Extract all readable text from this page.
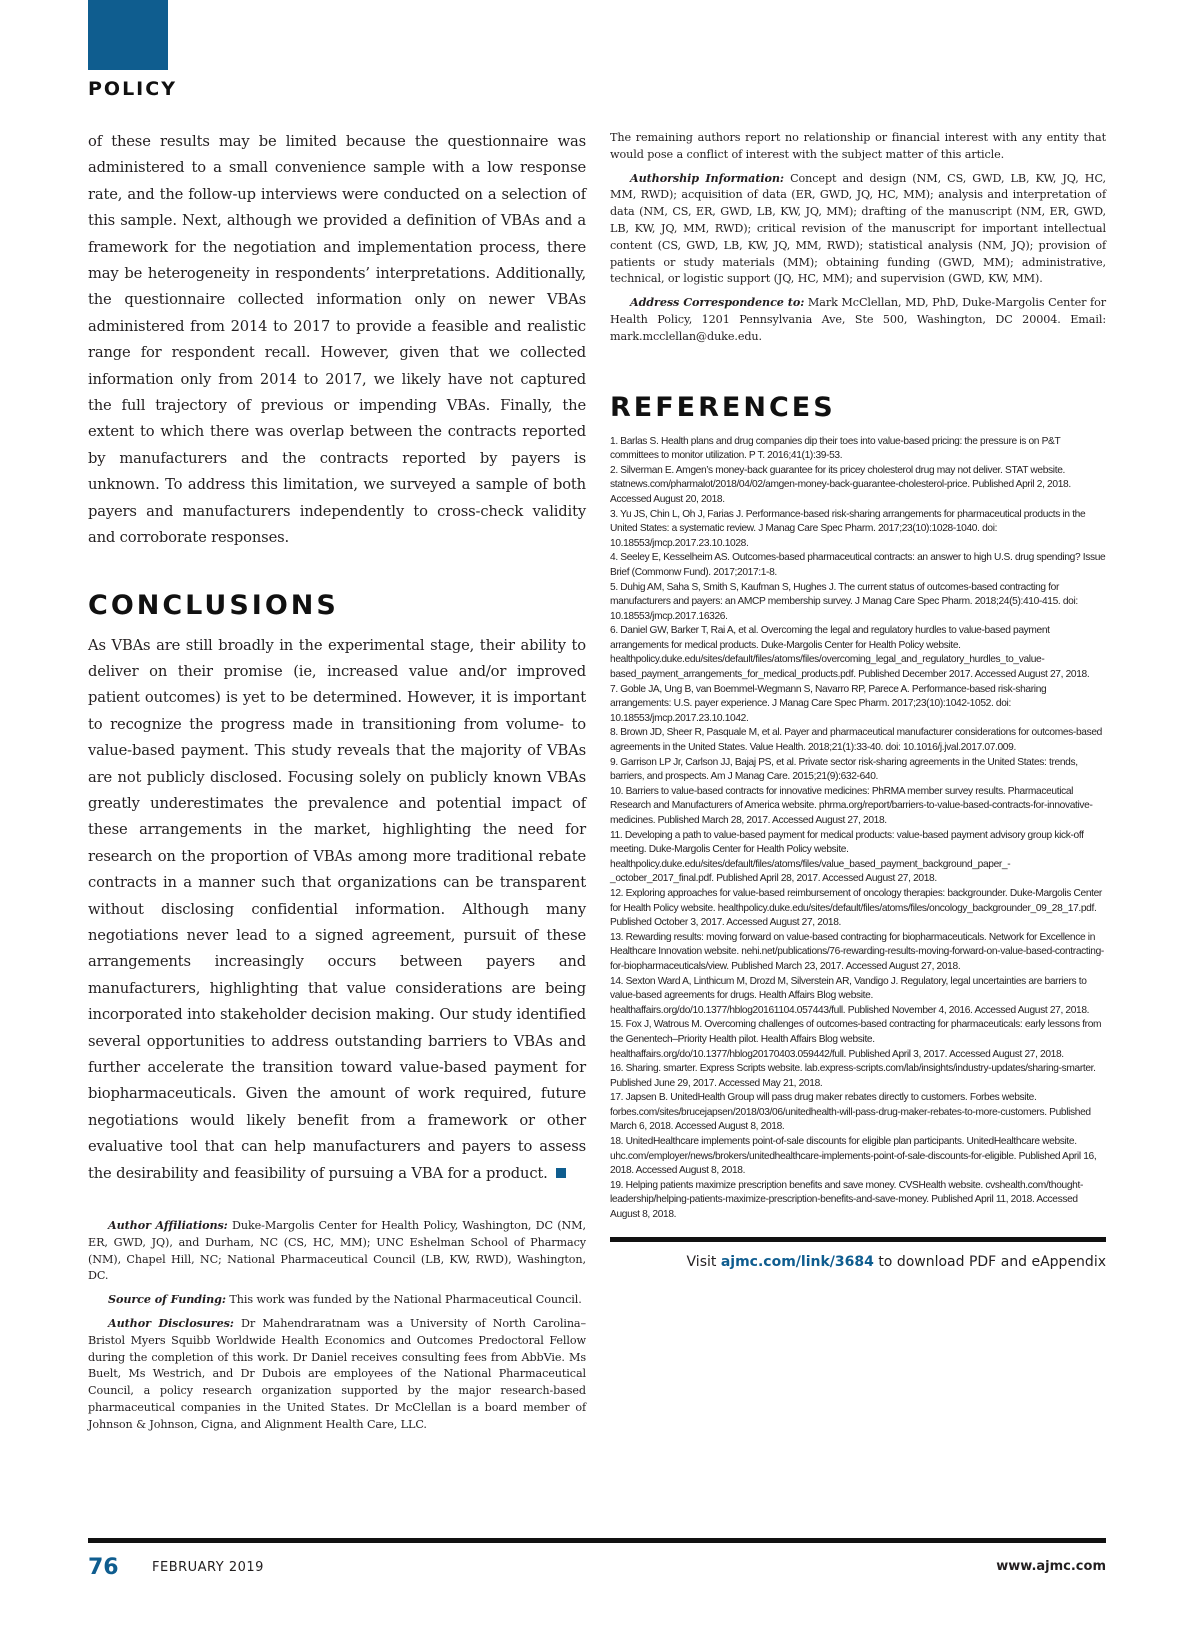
POLICY

of these results may be limited because the questionnaire was administered to a small convenience sample with a low response rate, and the follow-up interviews were conducted on a selection of this sample. Next, although we provided a definition of VBAs and a framework for the negotiation and implementation process, there may be heterogeneity in respondents’ interpretations. Additionally, the questionnaire collected information only on newer VBAs administered from 2014 to 2017 to provide a feasible and realistic range for respondent recall. However, given that we collected information only from 2014 to 2017, we likely have not captured the full trajectory of previous or impending VBAs. Finally, the extent to which there was overlap between the contracts reported by manufacturers and the contracts reported by payers is unknown. To address this limitation, we surveyed a sample of both payers and manufacturers independently to cross-check validity and corroborate responses.

CONCLUSIONS

As VBAs are still broadly in the experimental stage, their ability to deliver on their promise (ie, increased value and/or improved patient outcomes) is yet to be determined. However, it is important to recognize the progress made in transitioning from volume- to value-based payment. This study reveals that the majority of VBAs are not publicly disclosed. Focusing solely on publicly known VBAs greatly underestimates the prevalence and potential impact of these arrangements in the market, highlighting the need for research on the proportion of VBAs among more traditional rebate contracts in a manner such that organizations can be transparent without disclosing confidential information. Although many negotiations never lead to a signed agreement, pursuit of these arrangements increasingly occurs between payers and manufacturers, highlighting that value considerations are being incorporated into stakeholder decision making. Our study identified several opportunities to address outstanding barriers to VBAs and further accelerate the transition toward value-based payment for biopharmaceuticals. Given the amount of work required, future negotiations would likely benefit from a framework or other evaluative tool that can help manufacturers and payers to assess the desirability and feasibility of pursuing a VBA for a product.

Author Affiliations: Duke-Margolis Center for Health Policy, Washington, DC (NM, ER, GWD, JQ), and Durham, NC (CS, HC, MM); UNC Eshelman School of Pharmacy (NM), Chapel Hill, NC; National Pharmaceutical Council (LB, KW, RWD), Washington, DC.

Source of Funding: This work was funded by the National Pharmaceutical Council.

Author Disclosures: Dr Mahendraratnam was a University of North Carolina–Bristol Myers Squibb Worldwide Health Economics and Outcomes Predoctoral Fellow during the completion of this work. Dr Daniel receives consulting fees from AbbVie. Ms Buelt, Ms Westrich, and Dr Dubois are employees of the National Pharmaceutical Council, a policy research organization supported by the major research-based pharmaceutical companies in the United States. Dr McClellan is a board member of Johnson & Johnson, Cigna, and Alignment Health Care, LLC.

The remaining authors report no relationship or financial interest with any entity that would pose a conflict of interest with the subject matter of this article.

Authorship Information: Concept and design (NM, CS, GWD, LB, KW, JQ, HC, MM, RWD); acquisition of data (ER, GWD, JQ, HC, MM); analysis and interpretation of data (NM, CS, ER, GWD, LB, KW, JQ, MM); drafting of the manuscript (NM, ER, GWD, LB, KW, JQ, MM, RWD); critical revision of the manuscript for important intellectual content (CS, GWD, LB, KW, JQ, MM, RWD); statistical analysis (NM, JQ); provision of patients or study materials (MM); obtaining funding (GWD, MM); administrative, technical, or logistic support (JQ, HC, MM); and supervision (GWD, KW, MM).

Address Correspondence to: Mark McClellan, MD, PhD, Duke-Margolis Center for Health Policy, 1201 Pennsylvania Ave, Ste 500, Washington, DC 20004. Email: mark.mcclellan@duke.edu.

REFERENCES
1. Barlas S. Health plans and drug companies dip their toes into value-based pricing: the pressure is on P&T committees to monitor utilization. P T. 2016;41(1):39-53.
2. Silverman E. Amgen’s money-back guarantee for its pricey cholesterol drug may not deliver. STAT website. statnews.com/pharmalot/2018/04/02/amgen-money-back-guarantee-cholesterol-price. Published April 2, 2018. Accessed August 20, 2018.
3. Yu JS, Chin L, Oh J, Farias J. Performance-based risk-sharing arrangements for pharmaceutical products in the United States: a systematic review. J Manag Care Spec Pharm. 2017;23(10):1028-1040. doi: 10.18553/jmcp.2017.23.10.1028.
4. Seeley E, Kesselheim AS. Outcomes-based pharmaceutical contracts: an answer to high U.S. drug spending? Issue Brief (Commonw Fund). 2017;2017:1-8.
5. Duhig AM, Saha S, Smith S, Kaufman S, Hughes J. The current status of outcomes-based contracting for manufacturers and payers: an AMCP membership survey. J Manag Care Spec Pharm. 2018;24(5):410-415. doi: 10.18553/jmcp.2017.16326.
6. Daniel GW, Barker T, Rai A, et al. Overcoming the legal and regulatory hurdles to value-based payment arrangements for medical products. Duke-Margolis Center for Health Policy website. healthpolicy.duke.edu/sites/default/files/atoms/files/overcoming_legal_and_regulatory_hurdles_to_value-based_payment_arrangements_for_medical_products.pdf. Published December 2017. Accessed August 27, 2018.
7. Goble JA, Ung B, van Boemmel-Wegmann S, Navarro RP, Parece A. Performance-based risk-sharing arrangements: U.S. payer experience. J Manag Care Spec Pharm. 2017;23(10):1042-1052. doi: 10.18553/jmcp.2017.23.10.1042.
8. Brown JD, Sheer R, Pasquale M, et al. Payer and pharmaceutical manufacturer considerations for outcomes-based agreements in the United States. Value Health. 2018;21(1):33-40. doi: 10.1016/j.jval.2017.07.009.
9. Garrison LP Jr, Carlson JJ, Bajaj PS, et al. Private sector risk-sharing agreements in the United States: trends, barriers, and prospects. Am J Manag Care. 2015;21(9):632-640.
10. Barriers to value-based contracts for innovative medicines: PhRMA member survey results. Pharmaceutical Research and Manufacturers of America website. phrma.org/report/barriers-to-value-based-contracts-for-innovative-medicines. Published March 28, 2017. Accessed August 27, 2018.
11. Developing a path to value-based payment for medical products: value-based payment advisory group kick-off meeting. Duke-Margolis Center for Health Policy website. healthpolicy.duke.edu/sites/default/files/atoms/files/value_based_payment_background_paper_-_october_2017_final.pdf. Published April 28, 2017. Accessed August 27, 2018.
12. Exploring approaches for value-based reimbursement of oncology therapies: backgrounder. Duke-Margolis Center for Health Policy website. healthpolicy.duke.edu/sites/default/files/atoms/files/oncology_backgrounder_09_28_17.pdf. Published October 3, 2017. Accessed August 27, 2018.
13. Rewarding results: moving forward on value-based contracting for biopharmaceuticals. Network for Excellence in Healthcare Innovation website. nehi.net/publications/76-rewarding-results-moving-forward-on-value-based-contracting-for-biopharmaceuticals/view. Published March 23, 2017. Accessed August 27, 2018.
14. Sexton Ward A, Linthicum M, Drozd M, Silverstein AR, Vandigo J. Regulatory, legal uncertainties are barriers to value-based agreements for drugs. Health Affairs Blog website. healthaffairs.org/do/10.1377/hblog20161104.057443/full. Published November 4, 2016. Accessed August 27, 2018.
15. Fox J, Watrous M. Overcoming challenges of outcomes-based contracting for pharmaceuticals: early lessons from the Genentech–Priority Health pilot. Health Affairs Blog website. healthaffairs.org/do/10.1377/hblog20170403.059442/full. Published April 3, 2017. Accessed August 27, 2018.
16. Sharing. smarter. Express Scripts website. lab.express-scripts.com/lab/insights/industry-updates/sharing-smarter. Published June 29, 2017. Accessed May 21, 2018.
17. Japsen B. UnitedHealth Group will pass drug maker rebates directly to customers. Forbes website. forbes.com/sites/brucejapsen/2018/03/06/unitedhealth-will-pass-drug-maker-rebates-to-more-customers. Published March 6, 2018. Accessed August 8, 2018.
18. UnitedHealthcare implements point-of-sale discounts for eligible plan participants. UnitedHealthcare website. uhc.com/employer/news/brokers/unitedhealthcare-implements-point-of-sale-discounts-for-eligible. Published April 16, 2018. Accessed August 8, 2018.
19. Helping patients maximize prescription benefits and save money. CVSHealth website. cvshealth.com/thought-leadership/helping-patients-maximize-prescription-benefits-and-save-money. Published April 11, 2018. Accessed August 8, 2018.
Visit ajmc.com/link/3684 to download PDF and eAppendix
76	FEBRUARY 2019	www.ajmc.com
